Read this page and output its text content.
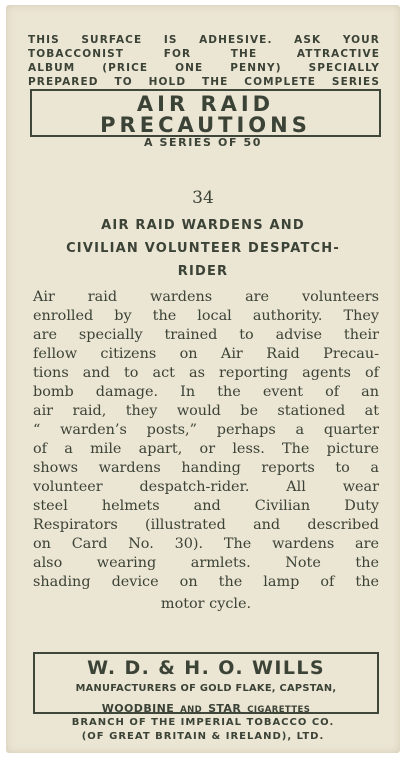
THIS SURFACE IS ADHESIVE. ASK YOUR
TOBACCONIST FOR THE ATTRACTIVE
ALBUM (PRICE ONE PENNY) SPECIALLY
PREPARED TO HOLD THE COMPLETE SERIES
AIR RAID
PRECAUTIONS
A SERIES OF 50
34
AIR RAID WARDENS AND
CIVILIAN VOLUNTEER DESPATCH-
RIDER
Air raid wardens are volunteers
enrolled by the local authority. They
are specially trained to advise their
fellow citizens on Air Raid Precau-
tions and to act as reporting agents of
bomb damage. In the event of an
air raid, they would be stationed at
“ warden’s posts,” perhaps a quarter
of a mile apart, or less. The picture
shows wardens handing reports to a
volunteer despatch-rider. All wear
steel helmets and Civilian Duty
Respirators (illustrated and described
on Card No. 30). The wardens are
also wearing armlets. Note the
shading device on the lamp of the
motor cycle.
W. D. & H. O. WILLS
MANUFACTURERS OF GOLD FLAKE, CAPSTAN,
WOODBINE AND STAR CIGARETTES
BRANCH OF THE IMPERIAL TOBACCO CO.
(OF GREAT BRITAIN & IRELAND), LTD.
